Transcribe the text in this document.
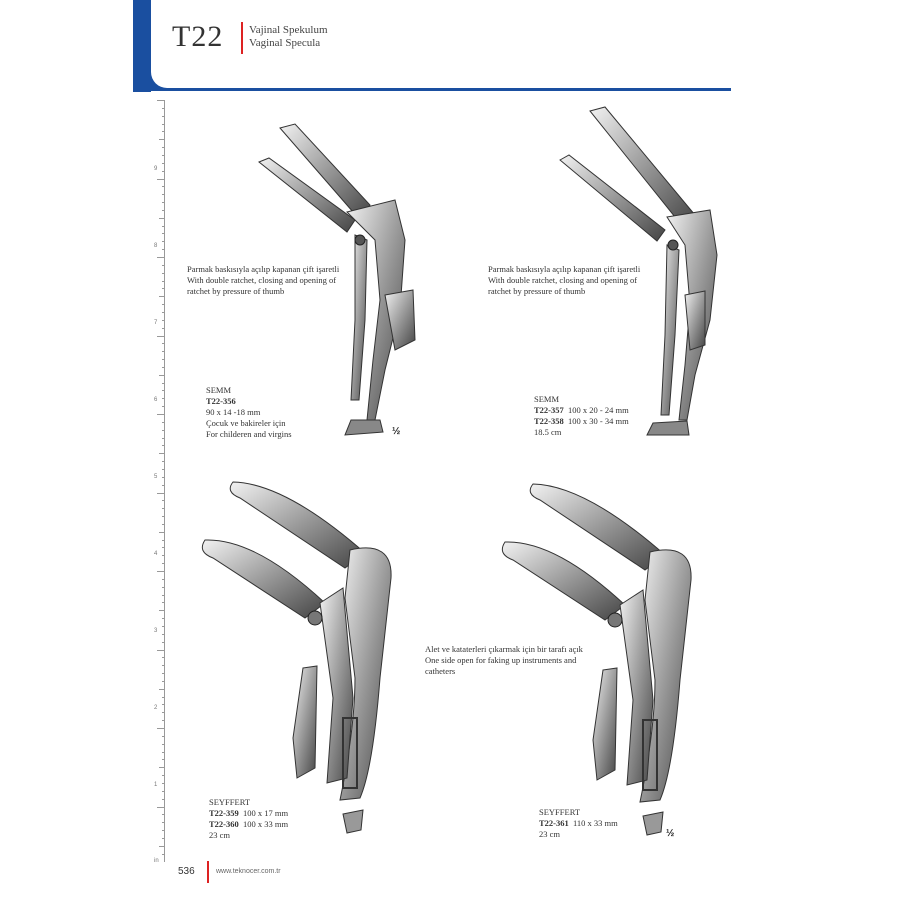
T22 Vajinal Spekulum
Vaginal Specula
9
8
7
6
5
4
3
2
1
in
Parmak baskısıyla açılıp kapanan çift işaretli
With double ratchet, closing and opening of
ratchet by pressure of thumb
SEMM
T22-356
90 x 14 -18 mm
Çocuk ve bakireler için
For childeren and virgins	½
Parmak baskısıyla açılıp kapanan çift işaretli
With double ratchet, closing and opening of
ratchet by pressure of thumb
SEMM
T22-357 100 x 20 - 24 mm
T22-358 100 x 30 - 34 mm
18.5 cm
SEYFFERT
T22-359 100 x 17 mm
T22-360 100 x 33 mm
23 cm
Alet ve kataterleri çıkarmak için bir tarafı açık
One side open for faking up instruments and
catheters
SEYFFERT
T22-361 110 x 33 mm
23 cm	½
536	www.teknocer.com.tr
